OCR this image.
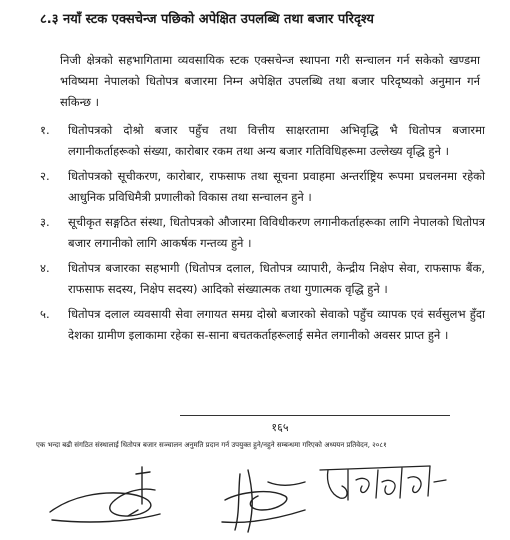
८.३ नयाँ स्टक एक्सचेन्ज पछिको अपेक्षित उपलब्धि तथा बजार परिदृश्य
निजी क्षेत्रको सहभागितामा व्यवसायिक स्टक एक्सचेन्ज स्थापना गरी सन्चालन गर्न सकेको खण्डमा भविष्यमा नेपालको धितोपत्र बजारमा निम्न अपेक्षित उपलब्धि तथा बजार परिदृष्यको अनुमान गर्न सकिन्छ ।
१. धितोपत्रको दोश्रो बजार पहुँच तथा वित्तीय साक्षरतामा अभिवृद्धि भै धितोपत्र बजारमा लगानीकर्ताहरूको संख्या, कारोबार रकम तथा अन्य बजार गतिविधिहरूमा उल्लेख्य वृद्धि हुने ।
२. धितोपत्रको सूचीकरण, कारोबार, राफसाफ तथा सूचना प्रवाहमा अन्तर्राष्ट्रिय रूपमा प्रचलनमा रहेको आधुनिक प्रविधिमैत्री प्रणालीको विकास तथा सन्चालन हुने ।
३. सूचीकृत सङ्गठित संस्था, धितोपत्रको औजारमा विविधीकरण लगानीकर्ताहरूका लागि नेपालको धितोपत्र बजार लगानीको लागि आकर्षक गन्तव्य हुने ।
४. धितोपत्र बजारका सहभागी (धितोपत्र दलाल, धितोपत्र व्यापारी, केन्द्रीय निक्षेप सेवा, राफसाफ बैंक, राफसाफ सदस्य, निक्षेप सदस्य) आदिको संख्यात्मक तथा गुणात्मक वृद्धि हुने ।
५. धितोपत्र दलाल व्यवसायी सेवा लगायत समग्र दोस्रो बजारको सेवाको पहुँच व्यापक एवं सर्वसुलभ हुँदा देशका ग्रामीण इलाकामा रहेका स-साना बचतकर्ताहरूलाई समेत लगानीको अवसर प्राप्त हुने ।
१६५
एक भन्दा बढी संगठित संस्थालाई धितोपत्र बजार सञ्चालन अनुमति प्रदान गर्न उपयुक्त हुने/नहुने सम्बन्धमा गरिएको अध्ययन प्रतिवेदन, २०८१
